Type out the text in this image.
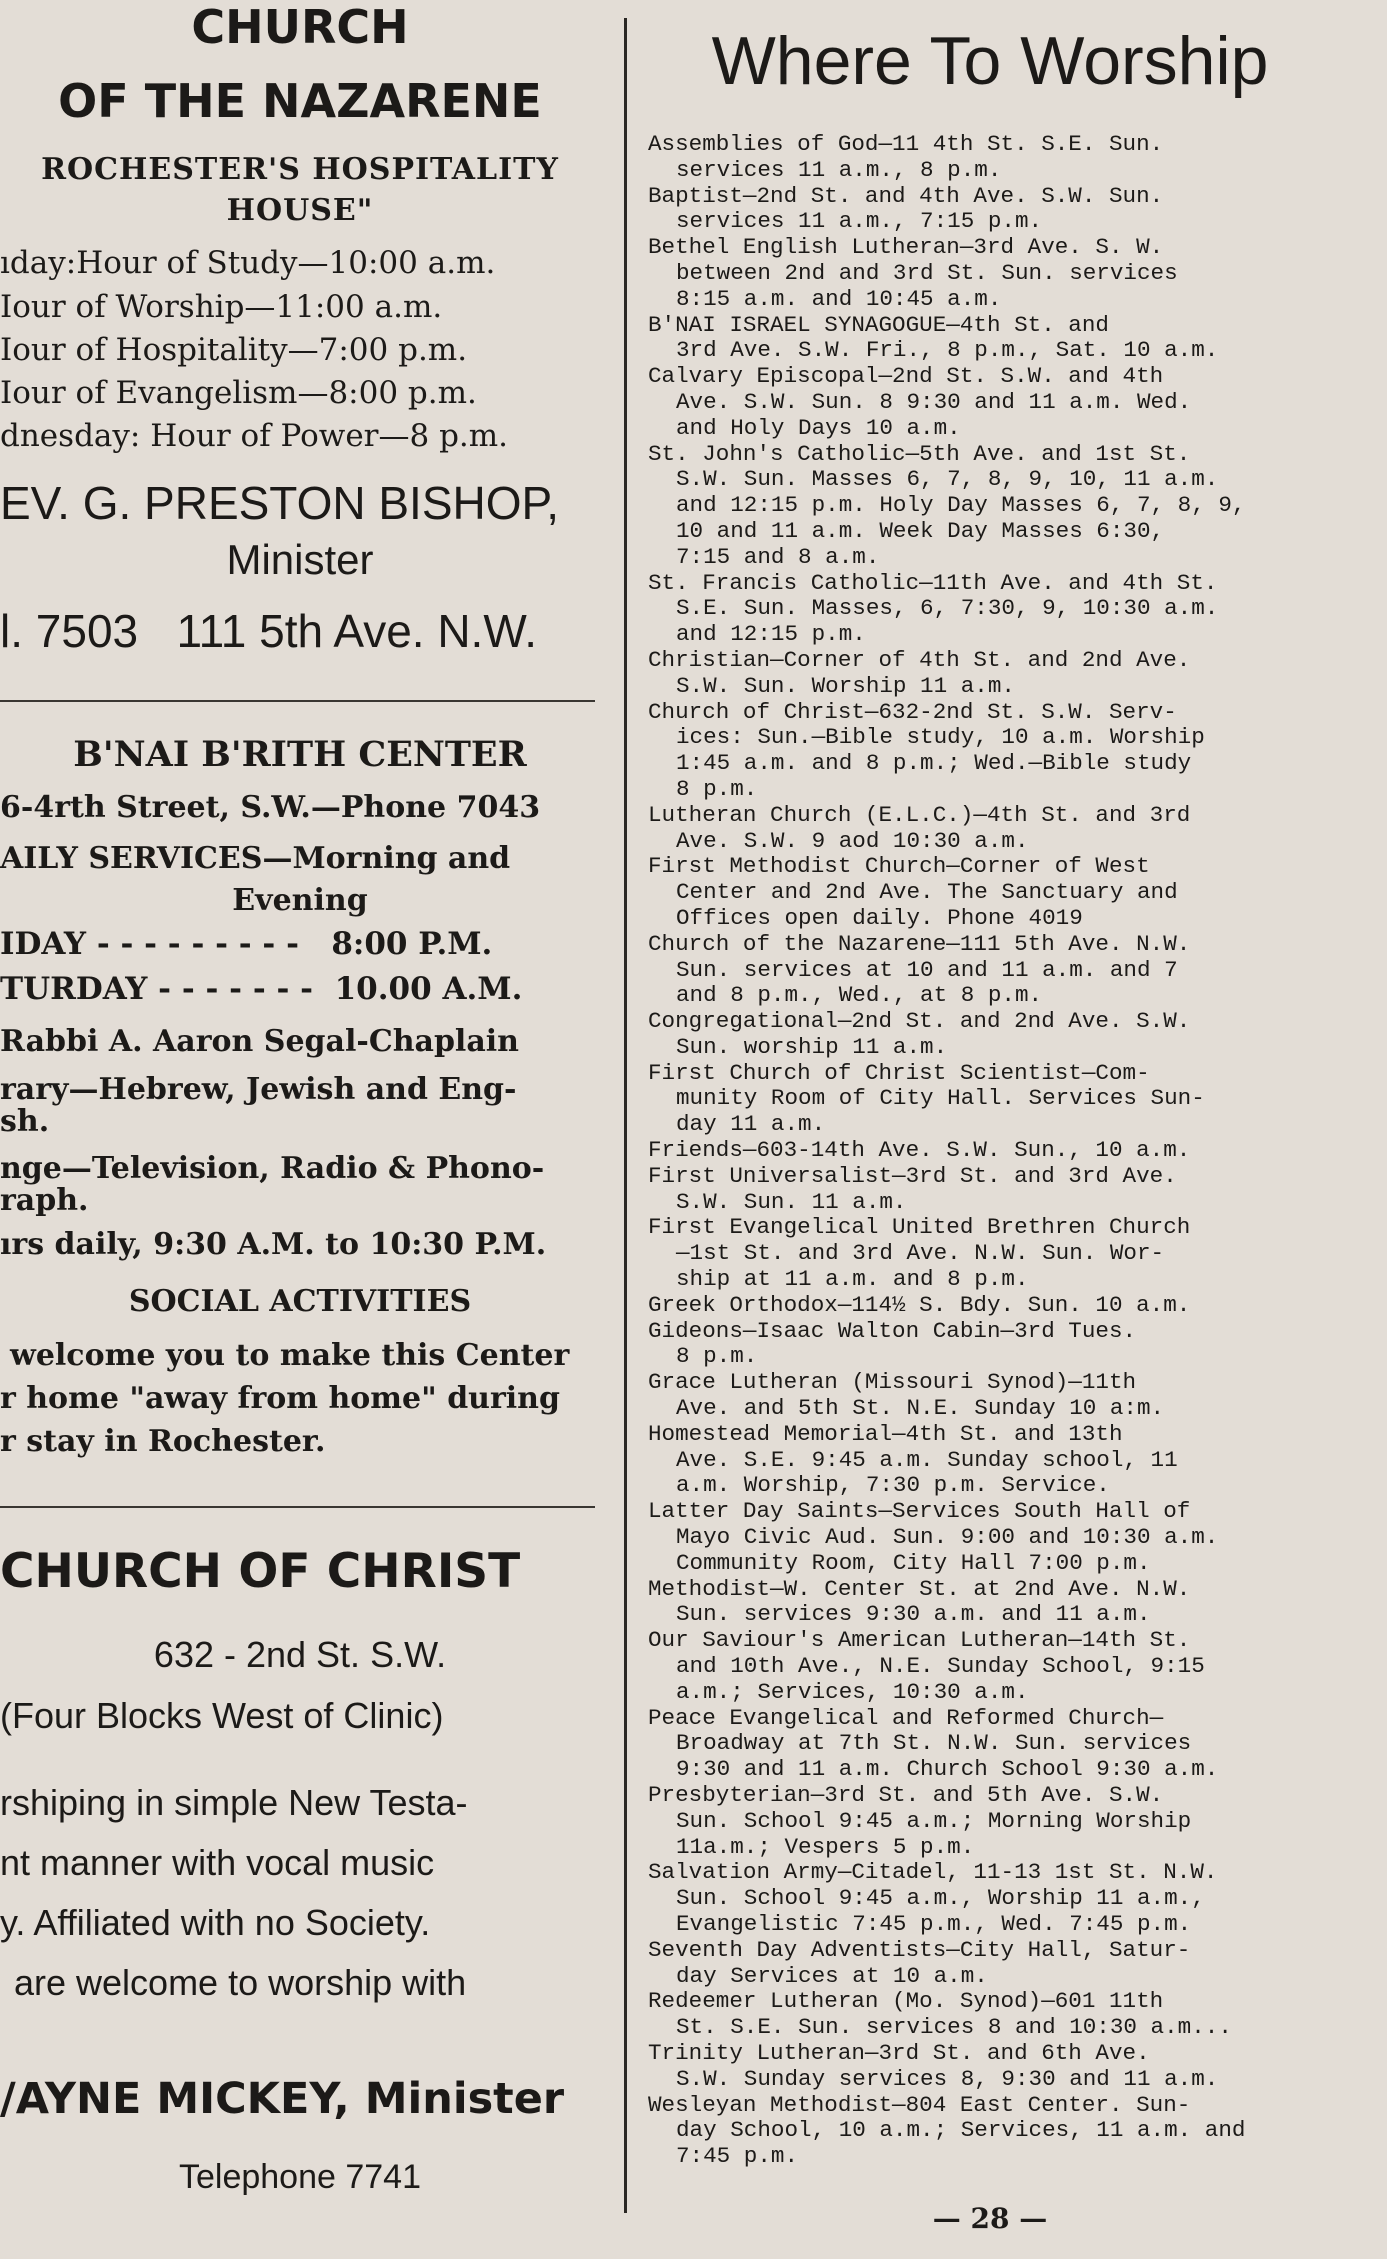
CHURCH
OF THE NAZARENE
ROCHESTER'S HOSPITALITY
HOUSE"
ıday:Hour of Study—10:00 a.m.
Iour of Worship—11:00 a.m.
Iour of Hospitality—7:00 p.m.
Iour of Evangelism—8:00 p.m.
dnesday: Hour of Power—8 p.m.
EV. G. PRESTON BISHOP,
Minister
l. 7503   111 5th Ave. N.W.
B'NAI B'RITH CENTER
6-4rth Street, S.W.—Phone 7043
AILY SERVICES—Morning and
Evening
IDAY - - - - - - - - -   8:00 P.M.
TURDAY - - - - - - -  10.00 A.M.
Rabbi A. Aaron Segal-Chaplain
rary—Hebrew, Jewish and Eng-
sh.
nge—Television, Radio & Phono-
raph.
ırs daily, 9:30 A.M. to 10:30 P.M.
SOCIAL ACTIVITIES
welcome you to make this Center
r home "away from home" during
r stay in Rochester.
CHURCH OF CHRIST
632 - 2nd St. S.W.
(Four Blocks West of Clinic)
rshiping in simple New Testa-
nt manner with vocal music
y. Affiliated with no Society.
are welcome to worship with
/AYNE MICKEY, Minister
Telephone 7741
Where To Worship
Assemblies of God—11 4th St. S.E. Sun.
services 11 a.m., 8 p.m.
Baptist—2nd St. and 4th Ave. S.W. Sun.
services 11 a.m., 7:15 p.m.
Bethel English Lutheran—3rd Ave. S. W.
between 2nd and 3rd St. Sun. services
8:15 a.m. and 10:45 a.m.
B'NAI ISRAEL SYNAGOGUE—4th St. and
3rd Ave. S.W. Fri., 8 p.m., Sat. 10 a.m.
Calvary Episcopal—2nd St. S.W. and 4th
Ave. S.W. Sun. 8 9:30 and 11 a.m. Wed.
and Holy Days 10 a.m.
St. John's Catholic—5th Ave. and 1st St.
S.W. Sun. Masses 6, 7, 8, 9, 10, 11 a.m.
and 12:15 p.m. Holy Day Masses 6, 7, 8, 9,
10 and 11 a.m. Week Day Masses 6:30,
7:15 and 8 a.m.
St. Francis Catholic—11th Ave. and 4th St.
S.E. Sun. Masses, 6, 7:30, 9, 10:30 a.m.
and 12:15 p.m.
Christian—Corner of 4th St. and 2nd Ave.
S.W. Sun. Worship 11 a.m.
Church of Christ—632-2nd St. S.W. Serv-
ices: Sun.—Bible study, 10 a.m. Worship
1:45 a.m. and 8 p.m.; Wed.—Bible study
8 p.m.
Lutheran Church (E.L.C.)—4th St. and 3rd
Ave. S.W. 9 aod 10:30 a.m.
First Methodist Church—Corner of West
Center and 2nd Ave. The Sanctuary and
Offices open daily. Phone 4019
Church of the Nazarene—111 5th Ave. N.W.
Sun. services at 10 and 11 a.m. and 7
and 8 p.m., Wed., at 8 p.m.
Congregational—2nd St. and 2nd Ave. S.W.
Sun. worship 11 a.m.
First Church of Christ Scientist—Com-
munity Room of City Hall. Services Sun-
day 11 a.m.
Friends—603-14th Ave. S.W. Sun., 10 a.m.
First Universalist—3rd St. and 3rd Ave.
S.W. Sun. 11 a.m.
First Evangelical United Brethren Church
—1st St. and 3rd Ave. N.W. Sun. Wor-
ship at 11 a.m. and 8 p.m.
Greek Orthodox—114½ S. Bdy. Sun. 10 a.m.
Gideons—Isaac Walton Cabin—3rd Tues.
8 p.m.
Grace Lutheran (Missouri Synod)—11th
Ave. and 5th St. N.E. Sunday 10 a:m.
Homestead Memorial—4th St. and 13th
Ave. S.E. 9:45 a.m. Sunday school, 11
a.m. Worship, 7:30 p.m. Service.
Latter Day Saints—Services South Hall of
Mayo Civic Aud. Sun. 9:00 and 10:30 a.m.
Community Room, City Hall 7:00 p.m.
Methodist—W. Center St. at 2nd Ave. N.W.
Sun. services 9:30 a.m. and 11 a.m.
Our Saviour's American Lutheran—14th St.
and 10th Ave., N.E. Sunday School, 9:15
a.m.; Services, 10:30 a.m.
Peace Evangelical and Reformed Church—
Broadway at 7th St. N.W. Sun. services
9:30 and 11 a.m. Church School 9:30 a.m.
Presbyterian—3rd St. and 5th Ave. S.W.
Sun. School 9:45 a.m.; Morning Worship
11a.m.; Vespers 5 p.m.
Salvation Army—Citadel, 11-13 1st St. N.W.
Sun. School 9:45 a.m., Worship 11 a.m.,
Evangelistic 7:45 p.m., Wed. 7:45 p.m.
Seventh Day Adventists—City Hall, Satur-
day Services at 10 a.m.
Redeemer Lutheran (Mo. Synod)—601 11th
St. S.E. Sun. services 8 and 10:30 a.m...
Trinity Lutheran—3rd St. and 6th Ave.
S.W. Sunday services 8, 9:30 and 11 a.m.
Wesleyan Methodist—804 East Center. Sun-
day School, 10 a.m.; Services, 11 a.m. and
7:45 p.m.
— 28 —
